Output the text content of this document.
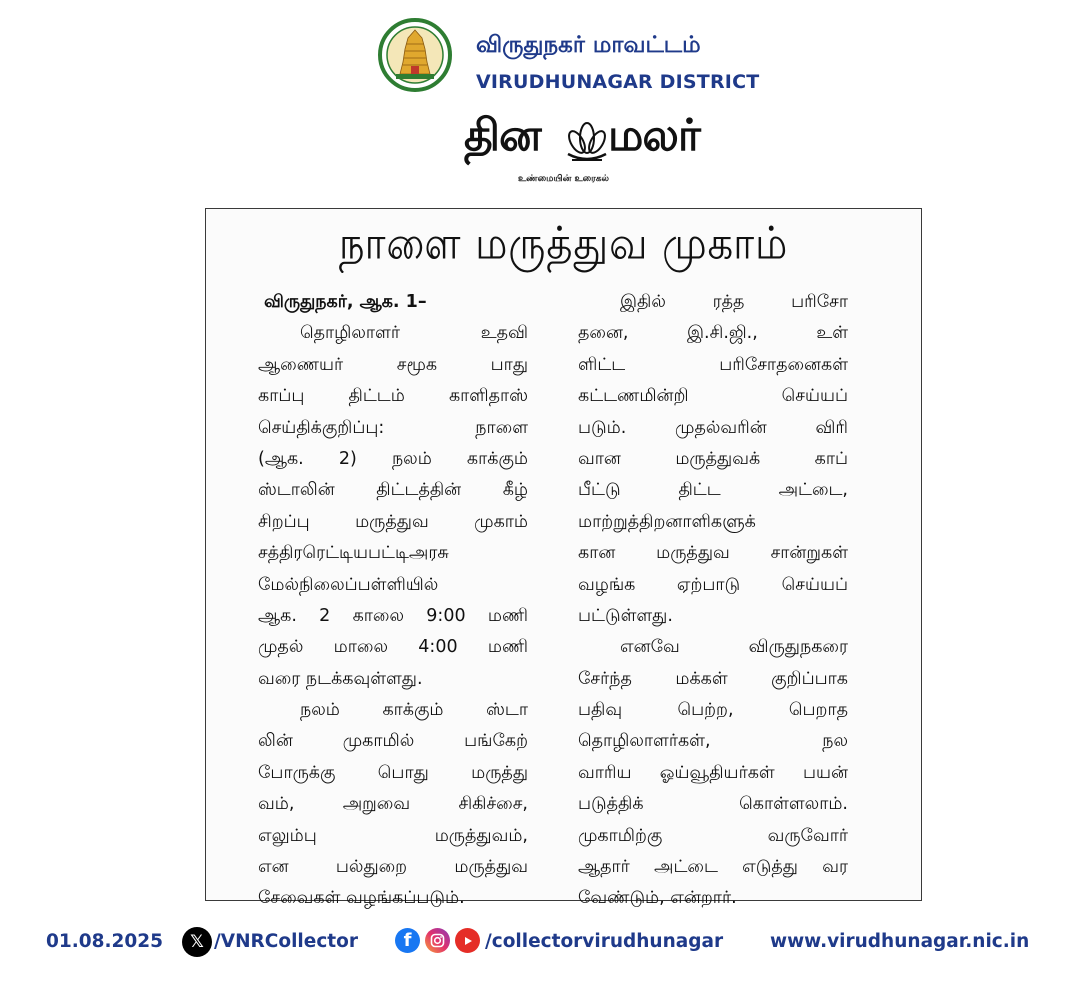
விருதுநகர் மாவட்டம்
VIRUDHUNAGAR DISTRICT
தின மலர்
உண்மையின் உரைகல்
நாளை மருத்துவ முகாம்
விருதுநகர், ஆக. 1–
தொழிலாளர் உதவி
ஆணையர் சமூக பாது
காப்பு திட்டம் காளிதாஸ்
செய்திக்குறிப்பு: நாளை
(ஆக. 2) நலம் காக்கும்
ஸ்டாலின் திட்டத்தின் கீழ்
சிறப்பு மருத்துவ முகாம்
சத்திரரெட்டியபட்டிஅரசு
மேல்நிலைப்பள்ளியில்
ஆக. 2 காலை 9:00 மணி
முதல் மாலை 4:00 மணி
வரை நடக்கவுள்ளது.
நலம் காக்கும் ஸ்டா
லின் முகாமில் பங்கேற்
போருக்கு பொது மருத்து
வம், அறுவை சிகிச்சை,
எலும்பு மருத்துவம்,
என பல்துறை மருத்துவ
சேவைகள் வழங்கப்படும்.
இதில் ரத்த பரிசோ
தனை, இ.சி.ஜி., உள்
ளிட்ட பரிசோதனைகள்
கட்டணமின்றி செய்யப்
படும். முதல்வரின் விரி
வான மருத்துவக் காப்
பீட்டு திட்ட அட்டை,
மாற்றுத்திறனாளிகளுக்
கான மருத்துவ சான்றுகள்
வழங்க ஏற்பாடு செய்யப்
பட்டுள்ளது.
எனவே விருதுநகரை
சேர்ந்த மக்கள் குறிப்பாக
பதிவு பெற்ற, பெறாத
தொழிலாளர்கள், நல
வாரிய ஓய்வூதியர்கள் பயன்
படுத்திக் கொள்ளலாம்.
முகாமிற்கு வருவோர்
ஆதார் அட்டை எடுத்து வர
வேண்டும், என்றார்.
01.08.2025	𝕏 /VNRCollector	f	/collectorvirudhunagar	www.virudhunagar.nic.in
